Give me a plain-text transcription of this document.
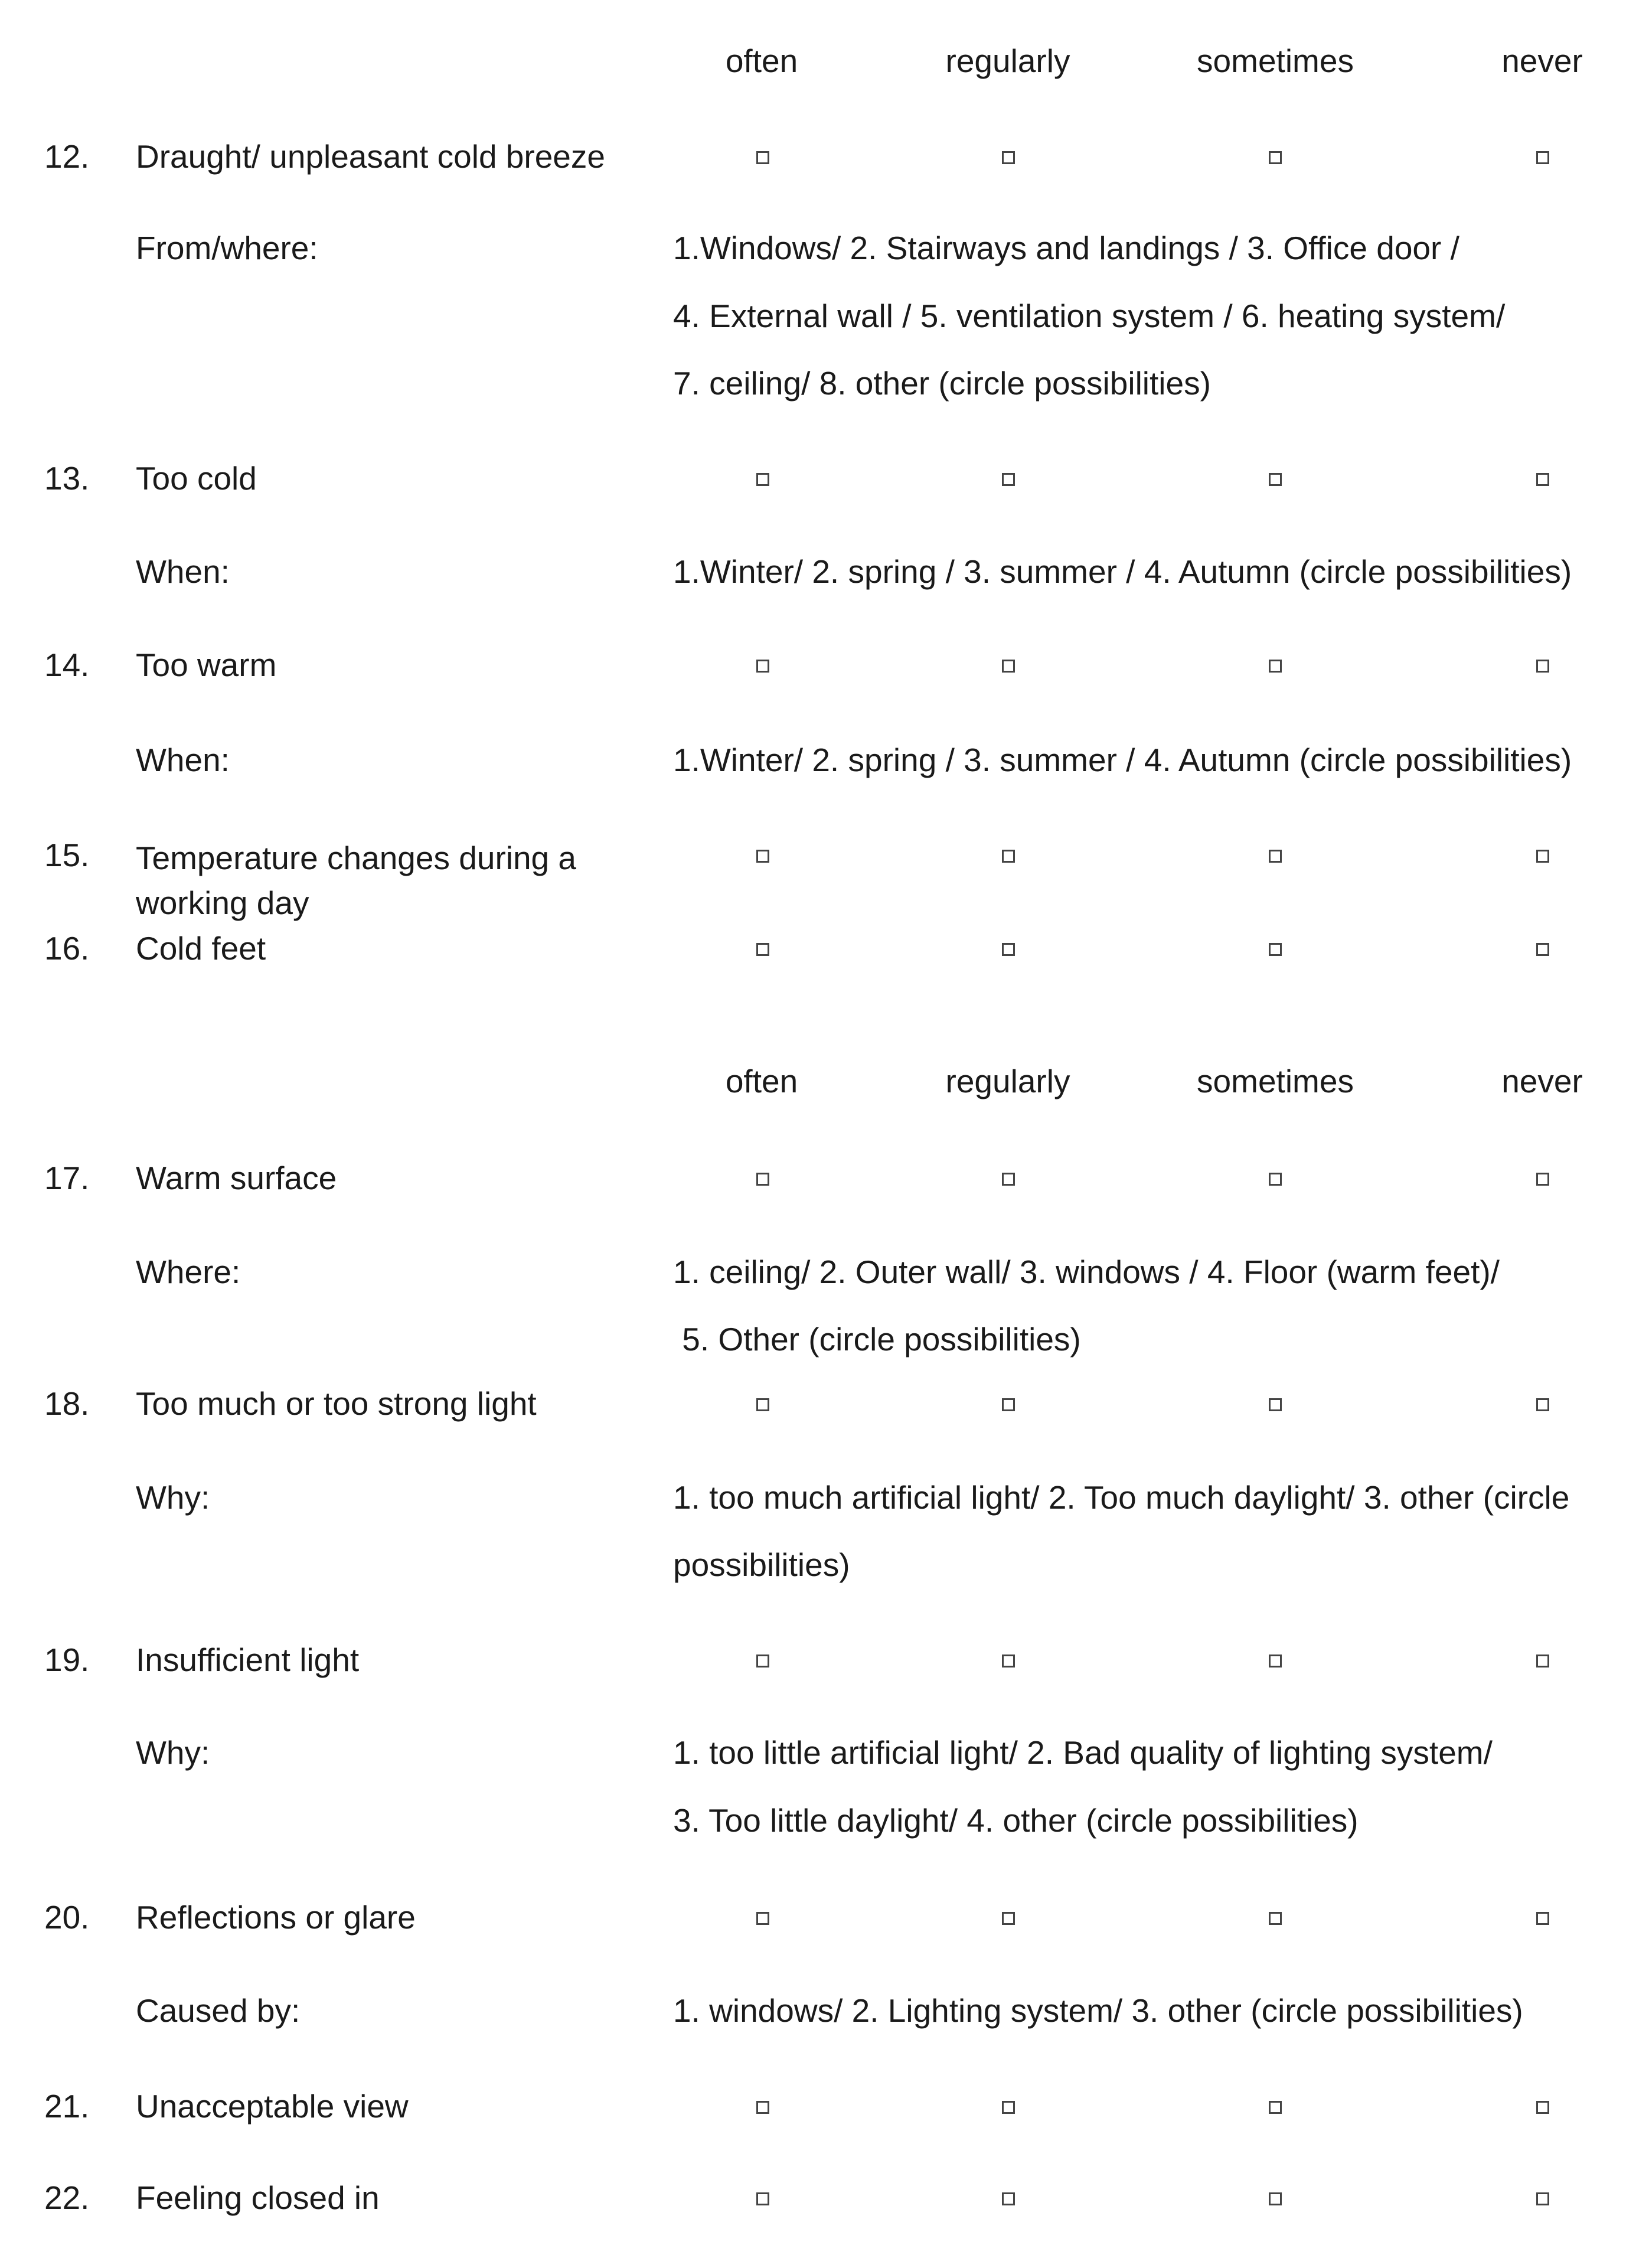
often	regularly	sometimes	never
12. Draught/ unpleasant cold breeze
From/where:	1.Windows/ 2. Stairways and landings / 3. Office door /
4. External wall / 5. ventilation system / 6. heating system/
7. ceiling/ 8. other (circle possibilities)
13. Too cold
When:	1.Winter/ 2. spring / 3. summer / 4. Autumn (circle possibilities)
14. Too warm
When:	1.Winter/ 2. spring / 3. summer / 4. Autumn (circle possibilities)
15. Temperature changes during a working day
16. Cold feet
often	regularly	sometimes	never
17. Warm surface
Where:	1. ceiling/ 2. Outer wall/ 3. windows / 4. Floor (warm feet)/
5. Other (circle possibilities)
18. Too much or too strong light
Why:	1. too much artificial light/ 2. Too much daylight/ 3. other (circle
possibilities)
19. Insufficient light
Why:	1. too little artificial light/ 2. Bad quality of lighting system/
3. Too little daylight/ 4. other (circle possibilities)
20. Reflections or glare
Caused by:	1. windows/ 2. Lighting system/ 3. other (circle possibilities)
21. Unacceptable view
22. Feeling closed in
